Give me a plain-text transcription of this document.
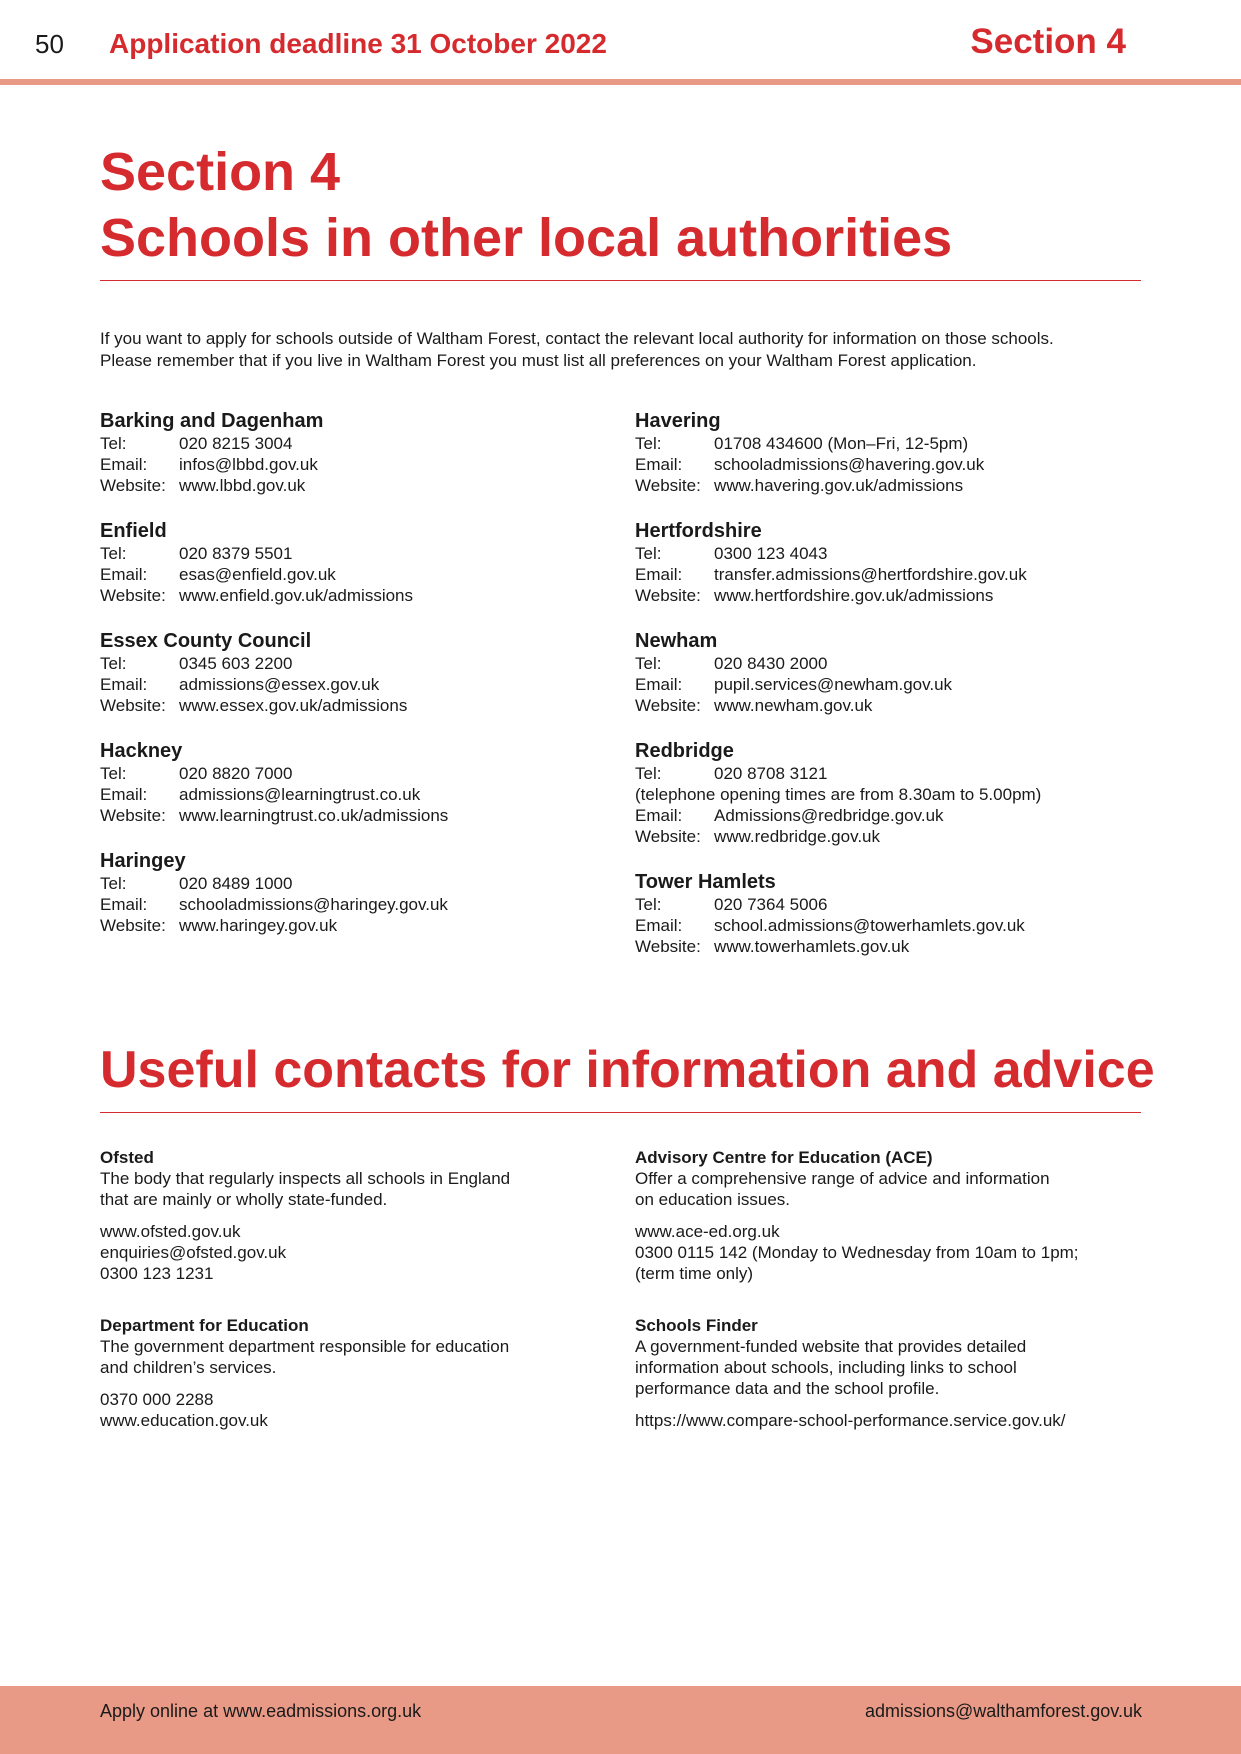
50 Application deadline 31 October 2022	Section 4
Section 4
Schools in other local authorities
If you want to apply for schools outside of Waltham Forest, contact the relevant local authority for information on those schools.
Please remember that if you live in Waltham Forest you must list all preferences on your Waltham Forest application.
Barking and Dagenham
Tel:	020 8215 3004
Email:	infos@lbbd.gov.uk
Website: www.lbbd.gov.uk
Enfield
Tel:	020 8379 5501
Email:	esas@enfield.gov.uk
Website: www.enfield.gov.uk/admissions
Essex County Council
Tel:	0345 603 2200
Email:	admissions@essex.gov.uk
Website: www.essex.gov.uk/admissions
Hackney
Tel:	020 8820 7000
Email:	admissions@learningtrust.co.uk
Website: www.learningtrust.co.uk/admissions
Haringey
Tel:	020 8489 1000
Email:	schooladmissions@haringey.gov.uk
Website: www.haringey.gov.uk
Havering
Tel:	01708 434600 (Mon–Fri, 12-5pm)
Email:	schooladmissions@havering.gov.uk
Website: www.havering.gov.uk/admissions
Hertfordshire
Tel:	0300 123 4043
Email:	transfer.admissions@hertfordshire.gov.uk
Website: www.hertfordshire.gov.uk/admissions
Newham
Tel:	020 8430 2000
Email:	pupil.services@newham.gov.uk
Website: www.newham.gov.uk
Redbridge
Tel:	020 8708 3121
(telephone opening times are from 8.30am to 5.00pm)
Email:	Admissions@redbridge.gov.uk
Website: www.redbridge.gov.uk
Tower Hamlets
Tel:	020 7364 5006
Email:	school.admissions@towerhamlets.gov.uk
Website: www.towerhamlets.gov.uk
Useful contacts for information and advice
Ofsted
The body that regularly inspects all schools in England
that are mainly or wholly state-funded.
www.ofsted.gov.uk
enquiries@ofsted.gov.uk
0300 123 1231
Department for Education
The government department responsible for education
and children’s services.
0370 000 2288
www.education.gov.uk
Advisory Centre for Education (ACE)
Offer a comprehensive range of advice and information
on education issues.
www.ace-ed.org.uk
0300 0115 142 (Monday to Wednesday from 10am to 1pm;
(term time only)
Schools Finder
A government-funded website that provides detailed
information about schools, including links to school
performance data and the school profile.
https://www.compare-school-performance.service.gov.uk/
Apply online at www.eadmissions.org.uk	admissions@walthamforest.gov.uk
